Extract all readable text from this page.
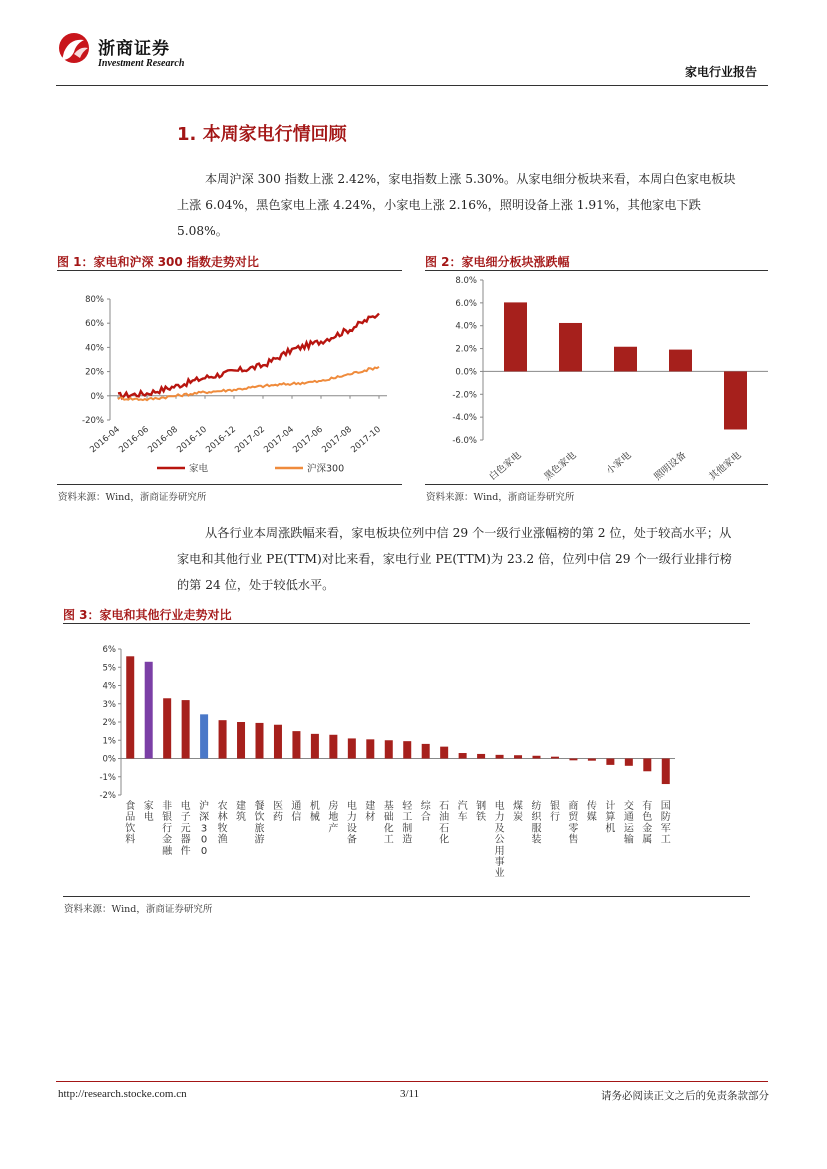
浙商证券
Investment Research
家电行业报告
1. 本周家电行情回顾
本周沪深 300 指数上涨 2.42%，家电指数上涨 5.30%。从家电细分板块来看，本周白色家电板块上涨 6.04%，黑色家电上涨 4.24%，小家电上涨 2.16%，照明设备上涨 1.91%，其他家电下跌 5.08%。
图 1：家电和沪深 300 指数走势对比
-20%
0%
20%
40%
60%
80%
2016-04
2016-06
2016-08
2016-10
2016-12
2017-02
2017-04
2017-06
2017-08
2017-10
家电	沪深300
资料来源：Wind，浙商证券研究所
图 2：家电细分板块涨跌幅
-6.0%
-4.0%
-2.0%
0.0%
2.0%
4.0%
6.0%
8.0%
白色家电 黑色家电	小家电 照明设备 其他家电
资料来源：Wind，浙商证券研究所
从各行业本周涨跌幅来看，家电板块位列中信 29 个一级行业涨幅榜的第 2 位，处于较高水平；从家电和其他行业 PE(TTM)对比来看，家电行业 PE(TTM)为 23.2 倍，位列中信 29 个一级行业排行榜的第 24 位，处于较低水平。
图 3：家电和其他行业走势对比
-2%
-1%
0%
1%
2%
3%
4%
5%
6%
食品饮料
家电
非银行金融
电子元器件
沪深 3 0 0
农林牧渔
建筑
餐饮旅游
医药
通信
机械
房地产
电力设备
建材
基础化工
轻工制造
综合
石油石化
汽车
钢铁
电力及公用事业
煤炭
纺织服装
银行
商贸零售
传媒
计算机
交通运输
有色金属
国防军工
资料来源：Wind，浙商证券研究所
http://research.stocke.com.cn	3/11	请务必阅读正文之后的免责条款部分
